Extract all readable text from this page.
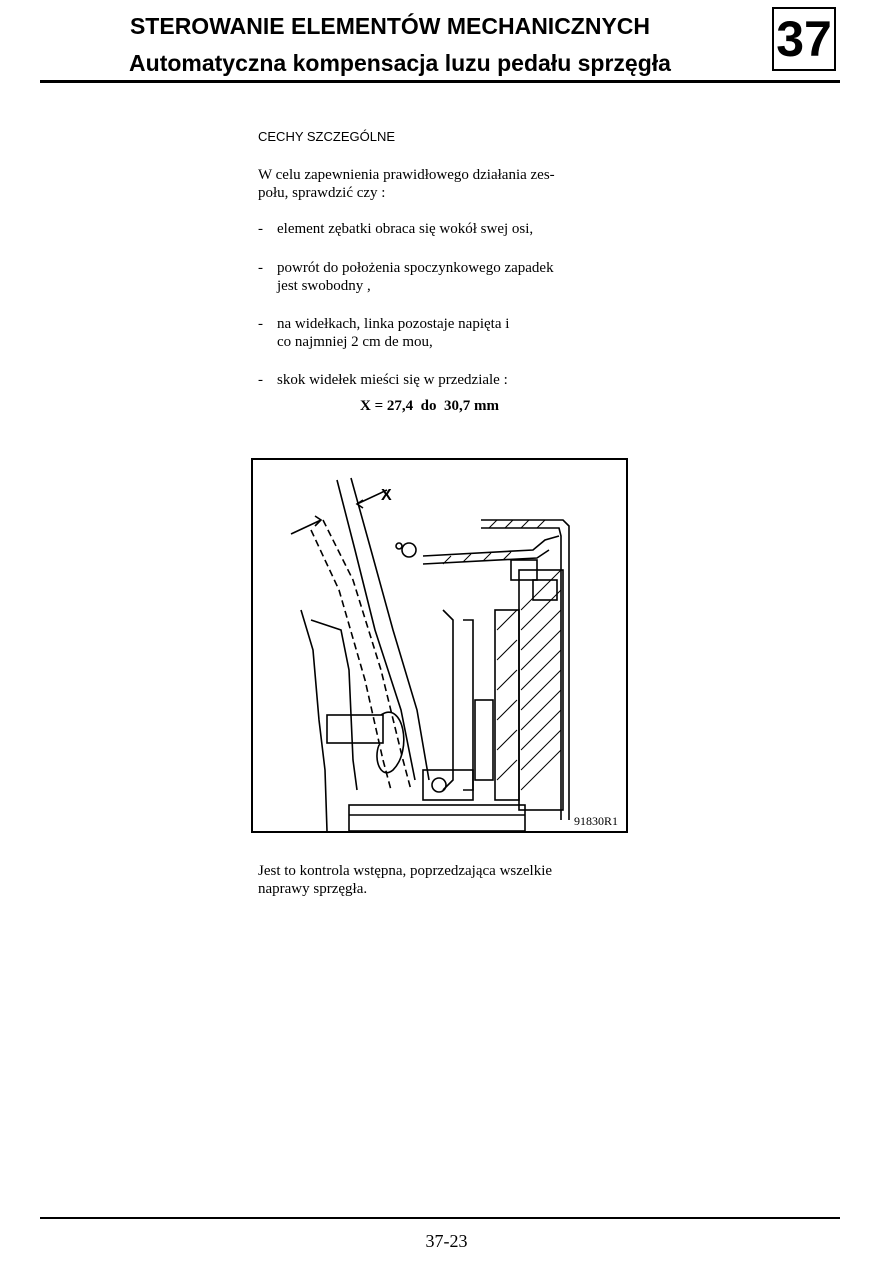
STEROWANIE ELEMENTÓW MECHANICZNYCH
Automatyczna kompensacja luzu pedału sprzęgła	37
CECHY SZCZEGÓLNE
W celu zapewnienia prawidłowego działania zes-
połu, sprawdzić czy :
- element zębatki obraca się wokół swej osi,
- powrót do położenia spoczynkowego zapadek
jest swobodny ,
- na widełkach, linka pozostaje napięta i
co najmniej 2 cm de mou,
- skok widełek mieści się w przedziale :
X = 27,4  do  30,7 mm
X
91830R1
Jest to kontrola wstępna, poprzedzająca wszelkie
naprawy sprzęgła.
37-23
